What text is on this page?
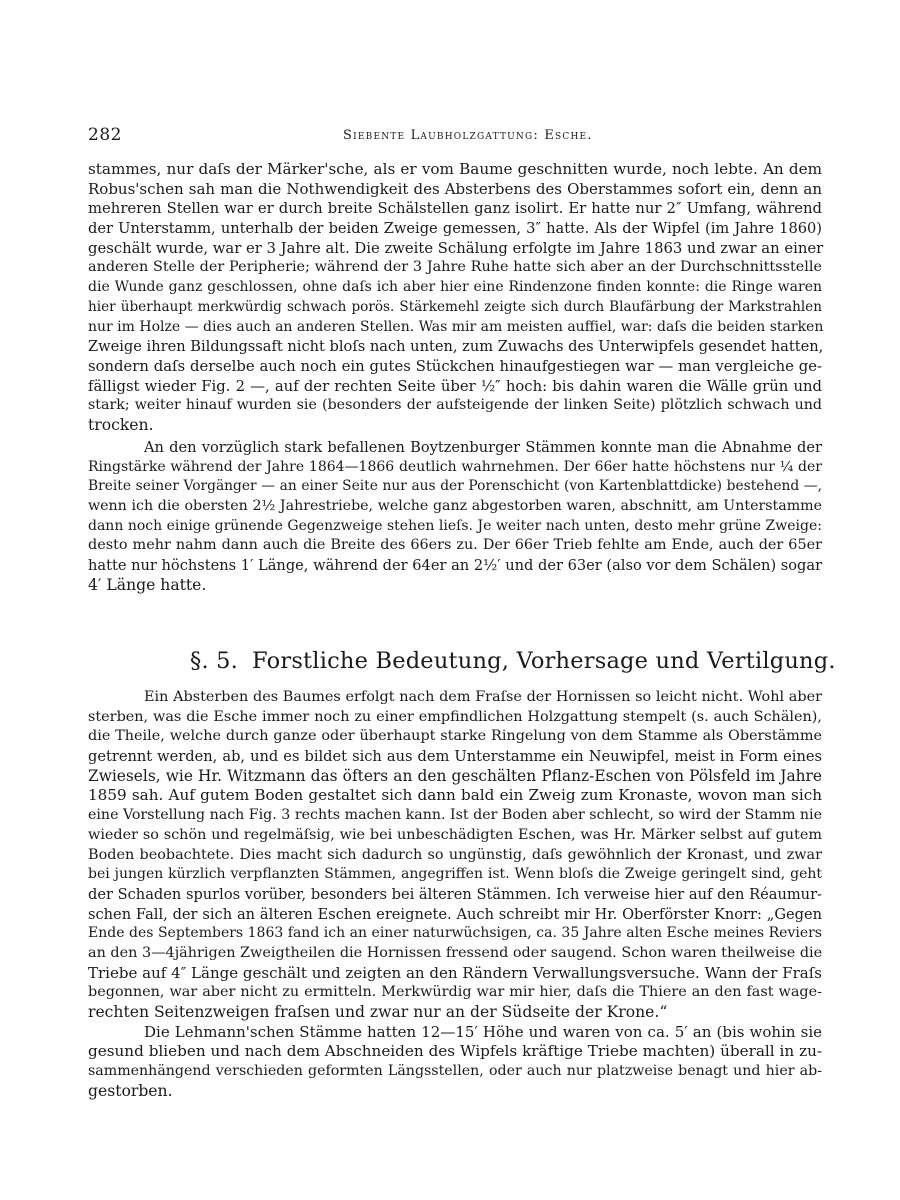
282	Siebente Laubholzgattung: Esche.
stammes, nur daſs der Märker'sche, als er vom Baume geschnitten wurde, noch lebte. An dem
Robus'schen sah man die Nothwendigkeit des Absterbens des Oberstammes sofort ein, denn an
mehreren Stellen war er durch breite Schälstellen ganz isolirt. Er hatte nur 2″ Umfang, während
der Unterstamm, unterhalb der beiden Zweige gemessen, 3″ hatte. Als der Wipfel (im Jahre 1860)
geschält wurde, war er 3 Jahre alt. Die zweite Schälung erfolgte im Jahre 1863 und zwar an einer
anderen Stelle der Peripherie; während der 3 Jahre Ruhe hatte sich aber an der Durchschnittsstelle
die Wunde ganz geschlossen, ohne daſs ich aber hier eine Rindenzone finden konnte: die Ringe waren
hier überhaupt merkwürdig schwach porös. Stärkemehl zeigte sich durch Blaufärbung der Markstrahlen
nur im Holze — dies auch an anderen Stellen. Was mir am meisten auffiel, war: daſs die beiden starken
Zweige ihren Bildungssaft nicht bloſs nach unten, zum Zuwachs des Unterwipfels gesendet hatten,
sondern daſs derselbe auch noch ein gutes Stückchen hinaufgestiegen war — man vergleiche ge-
fälligst wieder Fig. 2 —, auf der rechten Seite über ½″ hoch: bis dahin waren die Wälle grün und
stark; weiter hinauf wurden sie (besonders der aufsteigende der linken Seite) plötzlich schwach und
trocken.
An den vorzüglich stark befallenen Boytzenburger Stämmen konnte man die Abnahme der
Ringstärke während der Jahre 1864—1866 deutlich wahrnehmen. Der 66er hatte höchstens nur ¼ der
Breite seiner Vorgänger — an einer Seite nur aus der Porenschicht (von Kartenblattdicke) bestehend —,
wenn ich die obersten 2½ Jahrestriebe, welche ganz abgestorben waren, abschnitt, am Unterstamme
dann noch einige grünende Gegenzweige stehen lieſs. Je weiter nach unten, desto mehr grüne Zweige:
desto mehr nahm dann auch die Breite des 66ers zu. Der 66er Trieb fehlte am Ende, auch der 65er
hatte nur höchstens 1′ Länge, während der 64er an 2½′ und der 63er (also vor dem Schälen) sogar
4′ Länge hatte.
§. 5. Forstliche Bedeutung, Vorhersage und Vertilgung.
Ein Absterben des Baumes erfolgt nach dem Fraſse der Hornissen so leicht nicht. Wohl aber
sterben, was die Esche immer noch zu einer empfindlichen Holzgattung stempelt (s. auch Schälen),
die Theile, welche durch ganze oder überhaupt starke Ringelung von dem Stamme als Oberstämme
getrennt werden, ab, und es bildet sich aus dem Unterstamme ein Neuwipfel, meist in Form eines
Zwiesels, wie Hr. Witzmann das öfters an den geschälten Pflanz-Eschen von Pölsfeld im Jahre
1859 sah. Auf gutem Boden gestaltet sich dann bald ein Zweig zum Kronaste, wovon man sich
eine Vorstellung nach Fig. 3 rechts machen kann. Ist der Boden aber schlecht, so wird der Stamm nie
wieder so schön und regelmäſsig, wie bei unbeschädigten Eschen, was Hr. Märker selbst auf gutem
Boden beobachtete. Dies macht sich dadurch so ungünstig, daſs gewöhnlich der Kronast, und zwar
bei jungen kürzlich verpflanzten Stämmen, angegriffen ist. Wenn bloſs die Zweige geringelt sind, geht
der Schaden spurlos vorüber, besonders bei älteren Stämmen. Ich verweise hier auf den Réaumur-
schen Fall, der sich an älteren Eschen ereignete. Auch schreibt mir Hr. Oberförster Knorr: „Gegen
Ende des Septembers 1863 fand ich an einer naturwüchsigen, ca. 35 Jahre alten Esche meines Reviers
an den 3—4jährigen Zweigtheilen die Hornissen fressend oder saugend. Schon waren theilweise die
Triebe auf 4″ Länge geschält und zeigten an den Rändern Verwallungsversuche. Wann der Fraſs
begonnen, war aber nicht zu ermitteln. Merkwürdig war mir hier, daſs die Thiere an den fast wage-
rechten Seitenzweigen fraſsen und zwar nur an der Südseite der Krone.“
Die Lehmann'schen Stämme hatten 12—15′ Höhe und waren von ca. 5′ an (bis wohin sie
gesund blieben und nach dem Abschneiden des Wipfels kräftige Triebe machten) überall in zu-
sammenhängend verschieden geformten Längsstellen, oder auch nur platzweise benagt und hier ab-
gestorben.
